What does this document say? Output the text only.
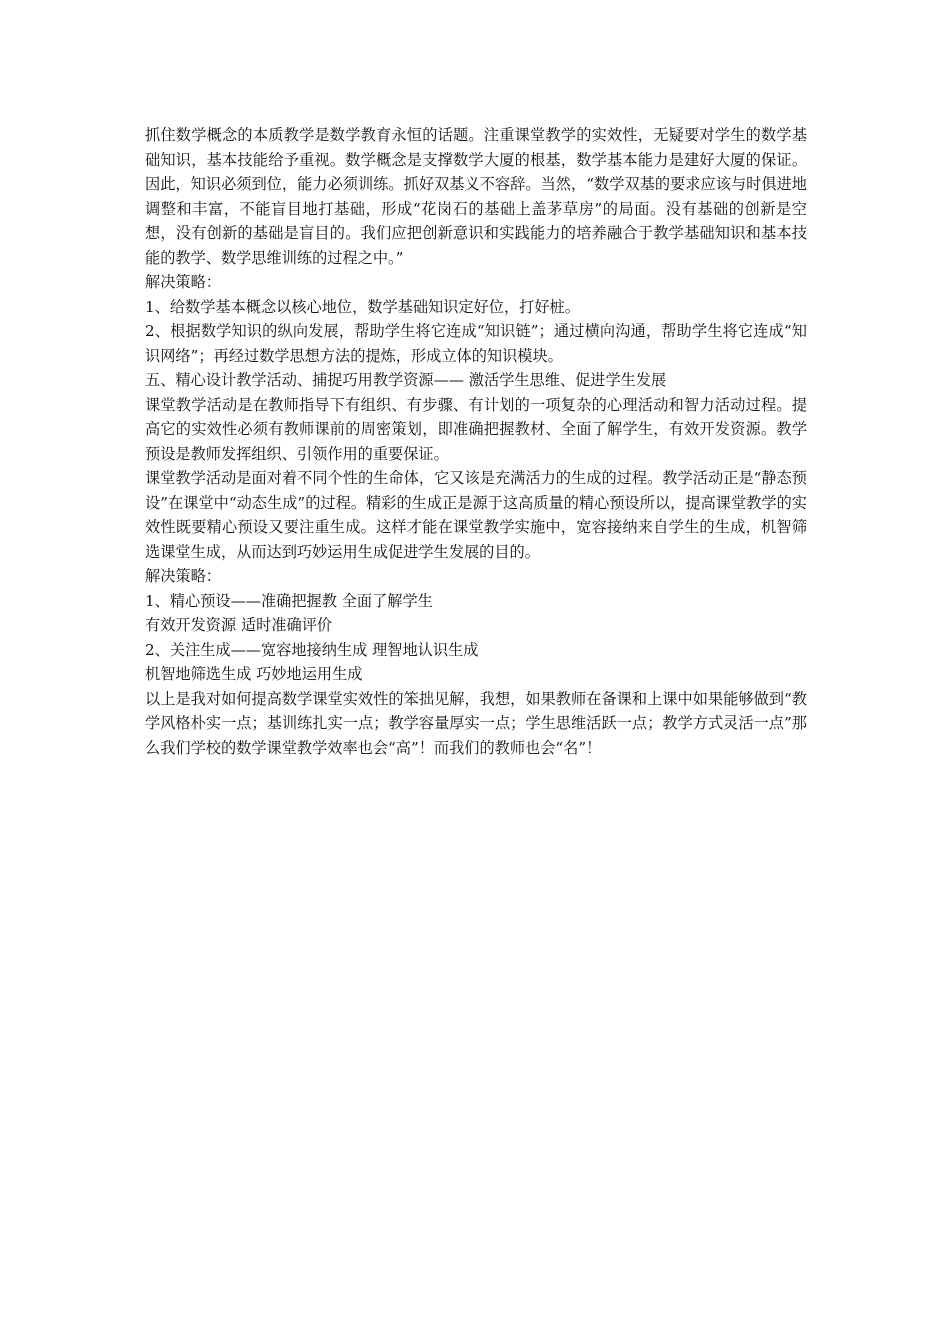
抓住数学概念的本质教学是数学教育永恒的话题。注重课堂教学的实效性，无疑要对学生的数学基础知识，基本技能给予重视。数学概念是支撑数学大厦的根基，数学基本能力是建好大厦的保证。因此，知识必须到位，能力必须训练。抓好双基义不容辞。当然，“数学双基的要求应该与时俱进地调整和丰富，不能盲目地打基础，形成“花岗石的基础上盖茅草房”的局面。没有基础的创新是空想，没有创新的基础是盲目的。我们应把创新意识和实践能力的培养融合于教学基础知识和基本技能的教学、数学思维训练的过程之中。”

解决策略：

1、给数学基本概念以核心地位，数学基础知识定好位，打好桩。

2、根据数学知识的纵向发展，帮助学生将它连成“知识链”；通过横向沟通，帮助学生将它连成“知识网络”；再经过数学思想方法的提炼，形成立体的知识模块。

五、精心设计教学活动、捕捉巧用教学资源—— 激活学生思维、促进学生发展

课堂教学活动是在教师指导下有组织、有步骤、有计划的一项复杂的心理活动和智力活动过程。提高它的实效性必须有教师课前的周密策划，即准确把握教材、全面了解学生，有效开发资源。教学预设是教师发挥组织、引领作用的重要保证。

课堂教学活动是面对着不同个性的生命体，它又该是充满活力的生成的过程。教学活动正是“静态预设”在课堂中“动态生成”的过程。精彩的生成正是源于这高质量的精心预设所以，提高课堂教学的实效性既要精心预设又要注重生成。这样才能在课堂教学实施中，宽容接纳来自学生的生成，机智筛选课堂生成，从而达到巧妙运用生成促进学生发展的目的。

解决策略：

1、精心预设——准确把握教 全面了解学生

有效开发资源 适时准确评价

2、关注生成——宽容地接纳生成 理智地认识生成

机智地筛选生成 巧妙地运用生成

以上是我对如何提高数学课堂实效性的笨拙见解，我想，如果教师在备课和上课中如果能够做到“教学风格朴实一点；基训练扎实一点；教学容量厚实一点；学生思维活跃一点；教学方式灵活一点”那么我们学校的数学课堂教学效率也会“高”！而我们的教师也会“名”！
